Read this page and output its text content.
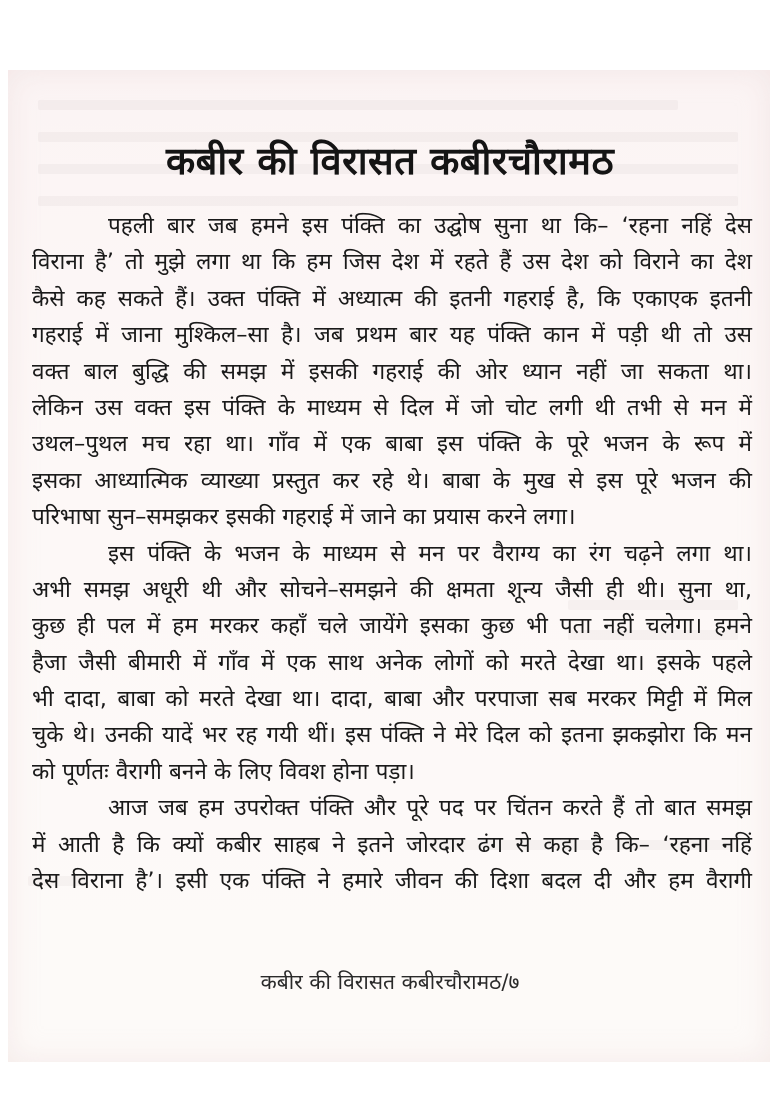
कबीर की विरासत कबीरचौरामठ
पहली बार जब हमने इस पंक्ति का उद्घोष सुना था कि– ‘रहना नहिं देस
विराना है’ तो मुझे लगा था कि हम जिस देश में रहते हैं उस देश को विराने का देश
कैसे कह सकते हैं। उक्त पंक्ति में अध्यात्म की इतनी गहराई है, कि एकाएक इतनी
गहराई में जाना मुश्किल–सा है। जब प्रथम बार यह पंक्ति कान में पड़ी थी तो उस
वक्त बाल बुद्धि की समझ में इसकी गहराई की ओर ध्यान नहीं जा सकता था।
लेकिन उस वक्त इस पंक्ति के माध्यम से दिल में जो चोट लगी थी तभी से मन में
उथल–पुथल मच रहा था। गाँव में एक बाबा इस पंक्ति के पूरे भजन के रूप में
इसका आध्यात्मिक व्याख्या प्रस्तुत कर रहे थे। बाबा के मुख से इस पूरे भजन की
परिभाषा सुन–समझकर इसकी गहराई में जाने का प्रयास करने लगा।
इस पंक्ति के भजन के माध्यम से मन पर वैराग्य का रंग चढ़ने लगा था।
अभी समझ अधूरी थी और सोचने–समझने की क्षमता शून्य जैसी ही थी। सुना था,
कुछ ही पल में हम मरकर कहाँ चले जायेंगे इसका कुछ भी पता नहीं चलेगा। हमने
हैजा जैसी बीमारी में गाँव में एक साथ अनेक लोगों को मरते देखा था। इसके पहले
भी दादा, बाबा को मरते देखा था। दादा, बाबा और परपाजा सब मरकर मिट्टी में मिल
चुके थे। उनकी यादें भर रह गयी थीं। इस पंक्ति ने मेरे दिल को इतना झकझोरा कि मन
को पूर्णतः वैरागी बनने के लिए विवश होना पड़ा।
आज जब हम उपरोक्त पंक्ति और पूरे पद पर चिंतन करते हैं तो बात समझ
में आती है कि क्यों कबीर साहब ने इतने जोरदार ढंग से कहा है कि– ‘रहना नहिं
देस विराना है’। इसी एक पंक्ति ने हमारे जीवन की दिशा बदल दी और हम वैरागी
कबीर की विरासत कबीरचौरामठ/७
